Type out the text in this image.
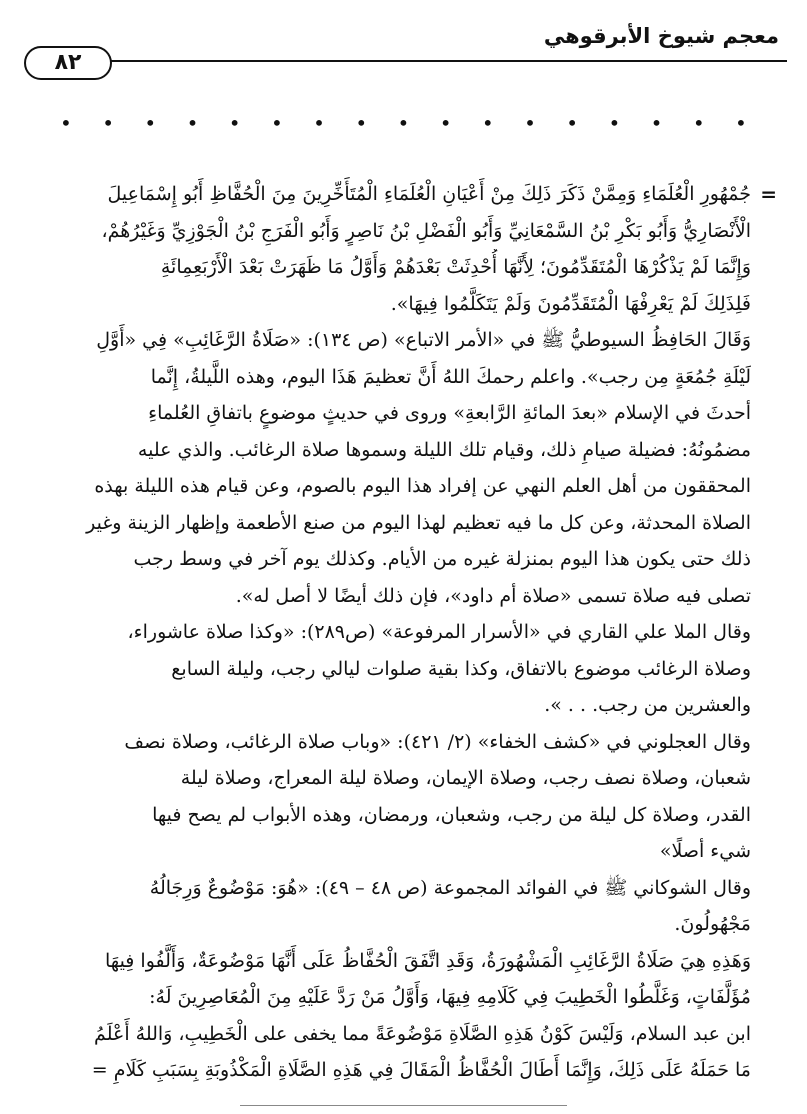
معجم شيوخ الأبرقوهي
٨٢
• • • • • • • • • • • • • • • • •
=
جُمْهُورِ الْعُلَمَاءِ وَمِمَّنْ ذَكَرَ ذَلِكَ مِنْ أَعْيَانِ الْعُلَمَاءِ الْمُتَأَخِّرِينَ مِنَ الْحُفَّاظِ أَبُو إِسْمَاعِيلَ
الْأَنْصَارِيُّ وَأَبُو بَكْرِ بْنُ السَّمْعَانِيِّ وَأَبُو الْفَضْلِ بْنُ نَاصِرٍ وَأَبُو الْفَرَجِ بْنُ الْجَوْزِيِّ وَغَيْرُهُمْ،
وَإِنَّمَا لَمْ يَذْكُرْهَا الْمُتَقَدِّمُونَ؛ لِأَنَّهَا أُحْدِثَتْ بَعْدَهُمْ وَأَوَّلُ مَا ظَهَرَتْ بَعْدَ الْأَرْبَعِمِائَةِ
فَلِذَلِكَ لَمْ يَعْرِفْهَا الْمُتَقَدِّمُونَ وَلَمْ يَتَكَلَّمُوا فِيهَا».
وَقَالَ الحَافِظُ السيوطيُّ ﷺ في «الأمر الاتباع» (ص ١٣٤): «صَلَاةُ الرَّغَائِبِ» فِي «أَوَّلِ
لَيْلَةِ جُمُعَةٍ مِن رجب». واعلم رحمكَ اللهُ أَنَّ تعظيمَ هَذَا اليوم، وهذه اللَّيلةُ، إِنَّما
أحدثَ في الإسلام «بعدَ المائةِ الرَّابعةِ» وروى في حديثٍ موضوعٍ باتفاقِ العُلماءِ
مضمُونُهُ: فضيلة صيامِ ذلك، وقيام تلك الليلة وسموها صلاة الرغائب. والذي عليه
المحققون من أهل العلم النهي عن إفراد هذا اليوم بالصوم، وعن قيام هذه الليلة بهذه
الصلاة المحدثة، وعن كل ما فيه تعظيم لهذا اليوم من صنع الأطعمة وإظهار الزينة وغير
ذلك حتى يكون هذا اليوم بمنزلة غيره من الأيام. وكذلك يوم آخر في وسط رجب
تصلى فيه صلاة تسمى «صلاة أم داود»، فإن ذلك أيضًا لا أصل له».
وقال الملا علي القاري في «الأسرار المرفوعة» (ص٢٨٩): «وكذا صلاة عاشوراء،
وصلاة الرغائب موضوع بالاتفاق، وكذا بقية صلوات ليالي رجب، وليلة السابع
والعشرين من رجب. . . ».
وقال العجلوني في «كشف الخفاء» (٢/ ٤٢١): «وباب صلاة الرغائب، وصلاة نصف
شعبان، وصلاة نصف رجب، وصلاة الإيمان، وصلاة ليلة المعراج، وصلاة ليلة
القدر، وصلاة كل ليلة من رجب، وشعبان، ورمضان، وهذه الأبواب لم يصح فيها
شيء أصلًا»
وقال الشوكاني ﷺ في الفوائد المجموعة (ص ٤٨ – ٤٩): «هُوَ: مَوْضُوعٌ وَرِجَالُهُ
مَجْهُولُونَ.
وَهَذِهِ هِيَ صَلَاةُ الرَّغَائِبِ الْمَشْهُورَةُ، وَقَدِ اتَّفَقَ الْحُفَّاظُ عَلَى أَنَّهَا مَوْضُوعَةٌ، وَأَلَّفُوا فِيهَا
مُؤَلَّفَاتٍ، وَغَلَّطُوا الْخَطِيبَ فِي كَلَامِهِ فِيهَا، وَأَوَّلُ مَنْ رَدَّ عَلَيْهِ مِنَ الْمُعَاصِرِينَ لَهُ:
ابن عبد السلام، وَلَيْسَ كَوْنُ هَذِهِ الصَّلَاةِ مَوْضُوعَةً مما يخفى على الْخَطِيبِ، وَاللهُ أَعْلَمُ
مَا حَمَلَهُ عَلَى ذَلِكَ، وَإِنَّمَا أَطَالَ الْحُفَّاظُ الْمَقَالَ فِي هَذِهِ الصَّلَاةِ الْمَكْذُوبَةِ بِسَبَبِ كَلَامِ =
